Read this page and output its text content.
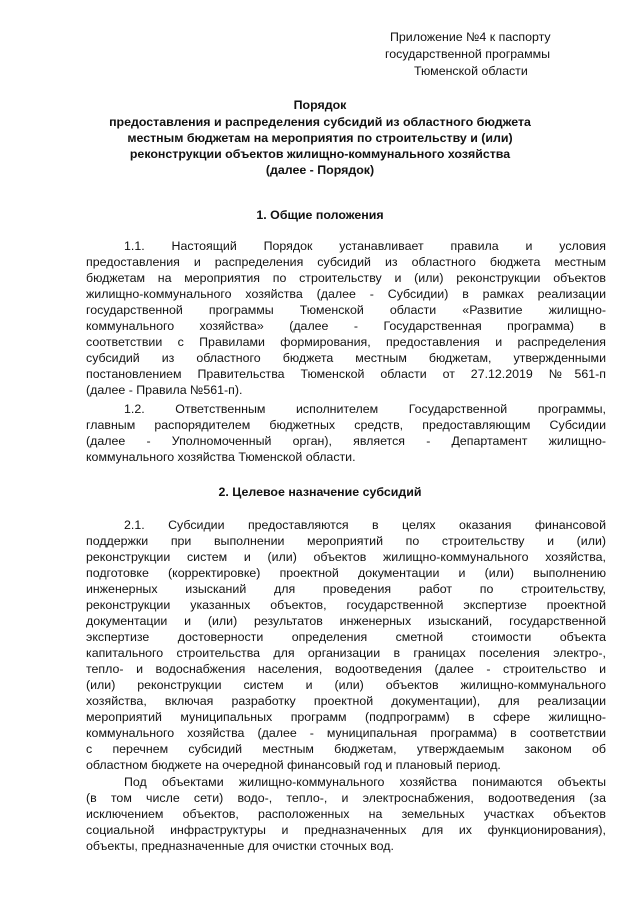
Приложение №4 к паспорту

государственной программы

Тюменской области

Порядок

предоставления и распределения субсидий из областного бюджета

местным бюджетам на мероприятия по строительству и (или)

реконструкции объектов жилищно-коммунального хозяйства

(далее - Порядок)

1. Общие положения

1.1. Настоящий Порядок устанавливает правила и условия

предоставления и распределения субсидий из областного бюджета местным

бюджетам на мероприятия по строительству и (или) реконструкции объектов

жилищно-коммунального хозяйства (далее - Субсидии) в рамках реализации

государственной программы Тюменской области «Развитие жилищно-

коммунального хозяйства» (далее - Государственная программа) в

соответствии с Правилами формирования, предоставления и распределения

субсидий из областного бюджета местным бюджетам, утвержденными

постановлением Правительства Тюменской области от 27.12.2019 №561-п

(далее - Правила №561-п).

1.2. Ответственным исполнителем Государственной программы,

главным распорядителем бюджетных средств, предоставляющим Субсидии

(далее - Уполномоченный орган), является - Департамент жилищно-

коммунального хозяйства Тюменской области.

2. Целевое назначение субсидий

2.1. Субсидии предоставляются в целях оказания финансовой

поддержки при выполнении мероприятий по строительству и (или)

реконструкции систем и (или) объектов жилищно-коммунального хозяйства,

подготовке (корректировке) проектной документации и (или) выполнению

инженерных изысканий для проведения работ по строительству,

реконструкции указанных объектов, государственной экспертизе проектной

документации и (или) результатов инженерных изысканий, государственной

экспертизе достоверности определения сметной стоимости объекта

капитального строительства для организации в границах поселения электро-,

тепло- и водоснабжения населения, водоотведения (далее - строительство и

(или) реконструкции систем и (или) объектов жилищно-коммунального

хозяйства, включая разработку проектной документации), для реализации

мероприятий муниципальных программ (подпрограмм) в сфере жилищно-

коммунального хозяйства (далее - муниципальная программа) в соответствии

с перечнем субсидий местным бюджетам, утверждаемым законом об

областном бюджете на очередной финансовый год и плановый период.

Под объектами жилищно-коммунального хозяйства понимаются объекты

(в том числе сети) водо-, тепло-, и электроснабжения, водоотведения (за

исключением объектов, расположенных на земельных участках объектов

социальной инфраструктуры и предназначенных для их функционирования),

объекты, предназначенные для очистки сточных вод.
